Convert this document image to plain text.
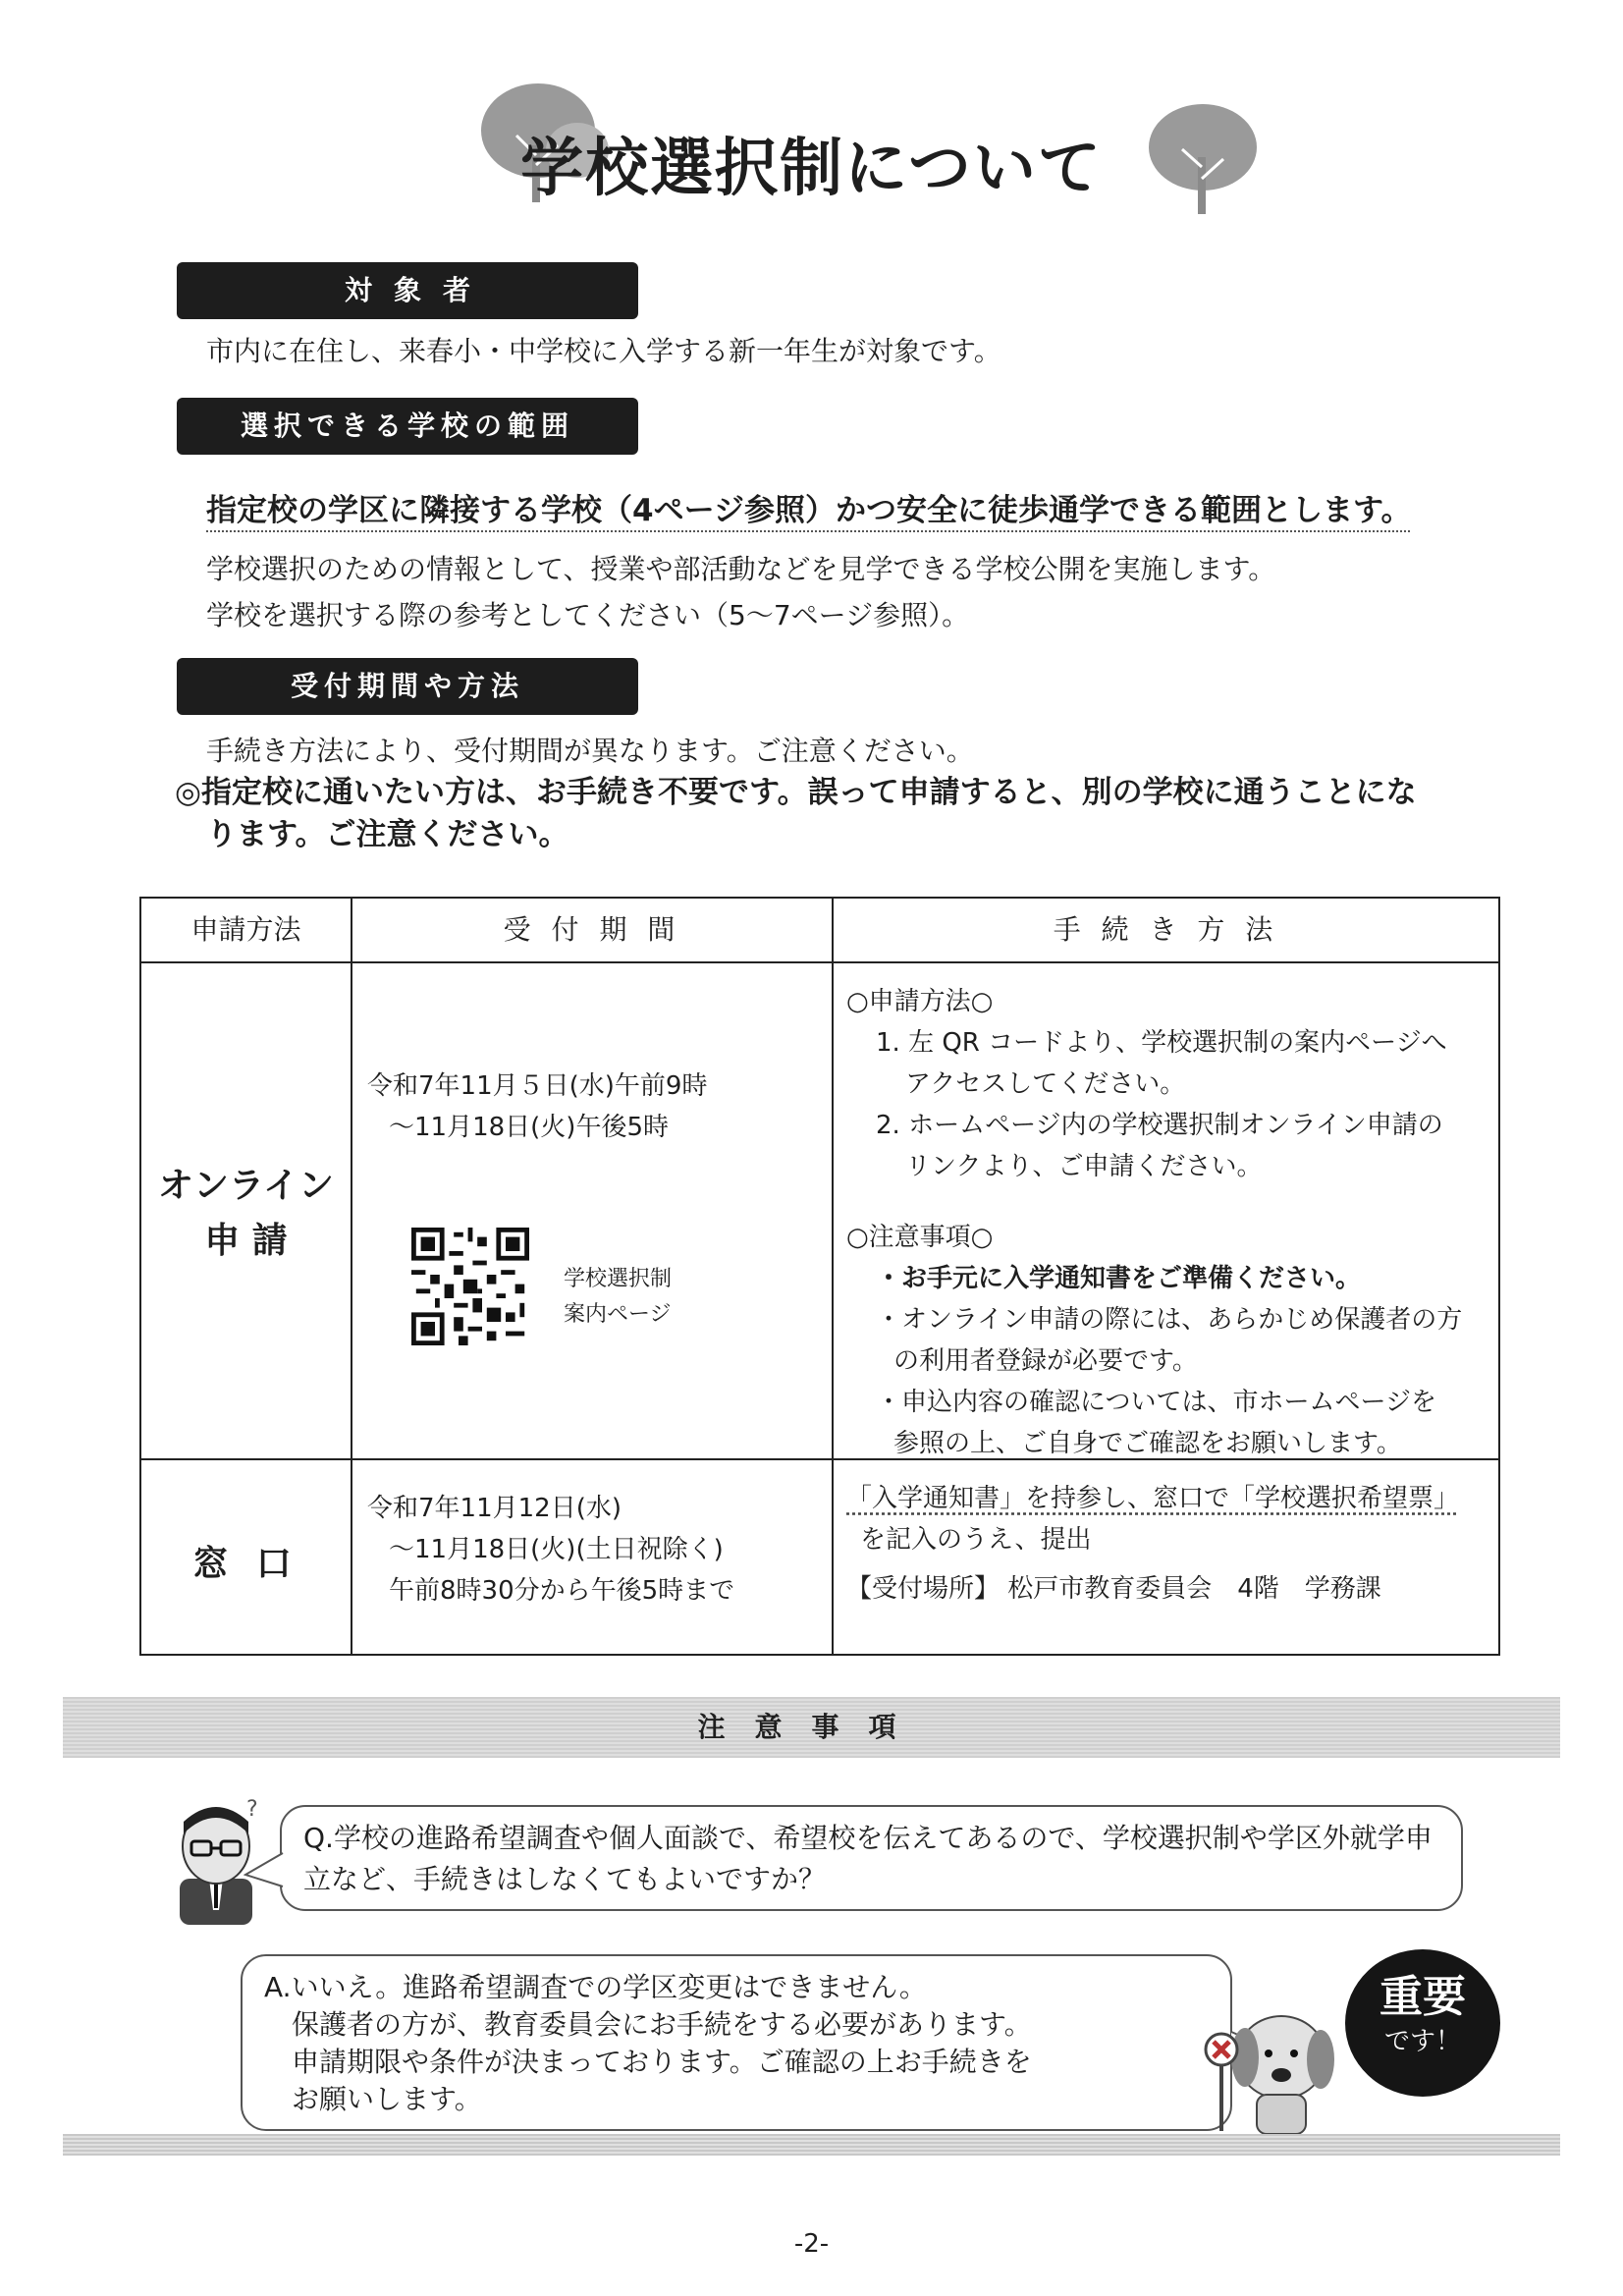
学校選択制について
対象者
市内に在住し、来春小・中学校に入学する新一年生が対象です。
選択できる学校の範囲
指定校の学区に隣接する学校（4ページ参照）かつ安全に徒歩通学できる範囲とします。
学校選択のための情報として、授業や部活動などを見学できる学校公開を実施します。
学校を選択する際の参考としてください（5～7ページ参照）。
受付期間や方法
手続き方法により、受付期間が異なります。ご注意ください。
◎指定校に通いたい方は、お手続き不要です。誤って申請すると、別の学校に通うことにな
ります。ご注意ください。
申請方法	受 付 期 間	手 続 き 方 法
オンライン
申 請
令和7年11月５日(水)午前9時
～11月18日(火)午後5時
学校選択制
案内ページ
○申請方法○
1. 左 QR コードより、学校選択制の案内ページへ
アクセスしてください。
2. ホームページ内の学校選択制オンライン申請の
リンクより、ご申請ください。
○注意事項○
・お手元に入学通知書をご準備ください。
・オンライン申請の際には、あらかじめ保護者の方
の利用者登録が必要です。
・申込内容の確認については、市ホームページを
参照の上、ご自身でご確認をお願いします。
窓 口
令和7年11月12日(水)
～11月18日(火)(土日祝除く)
午前8時30分から午後5時まで
「入学通知書」を持参し、窓口で「学校選択希望票」
を記入のうえ、提出
【受付場所】 松戸市教育委員会　4階　学務課
注意事項
?
Q.学校の進路希望調査や個人面談で、希望校を伝えてあるので、学校選択制や学区外就学申
立など、手続きはしなくてもよいですか？
A.いいえ。進路希望調査での学区変更はできません。
保護者の方が、教育委員会にお手続をする必要があります。
申請期限や条件が決まっております。ご確認の上お手続きを
お願いします。
重要
です！
-2-
